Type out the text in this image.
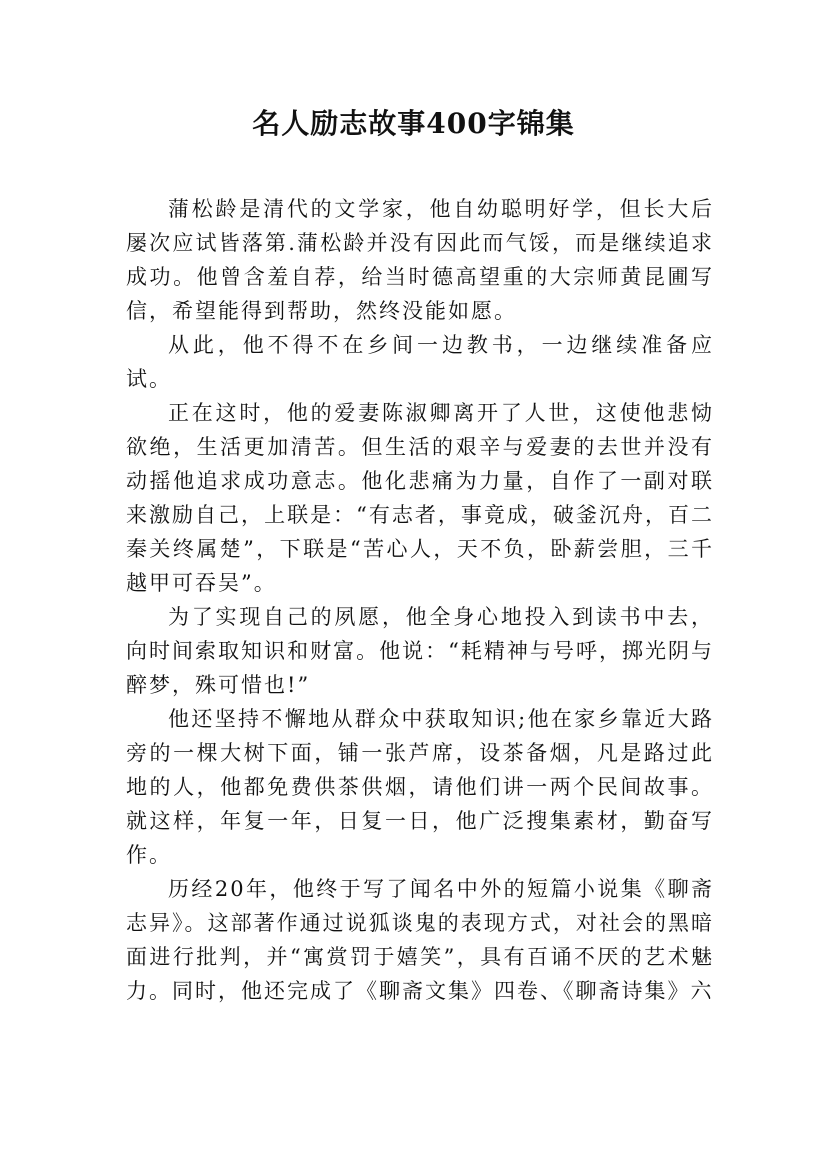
名人励志故事400字锦集

蒲松龄是清代的文学家，他自幼聪明好学，但长大后屡次应试皆落第.蒲松龄并没有因此而气馁，而是继续追求成功。他曾含羞自荐，给当时德高望重的大宗师黄昆圃写信，希望能得到帮助，然终没能如愿。

从此，他不得不在乡间一边教书，一边继续准备应试。

正在这时，他的爱妻陈淑卿离开了人世，这使他悲恸欲绝，生活更加清苦。但生活的艰辛与爱妻的去世并没有动摇他追求成功意志。他化悲痛为力量，自作了一副对联来激励自己，上联是：“有志者，事竟成，破釜沉舟，百二秦关终属楚”，下联是“苦心人，天不负，卧薪尝胆，三千越甲可吞吴”。

为了实现自己的夙愿，他全身心地投入到读书中去，向时间索取知识和财富。他说：“耗精神与号呼，掷光阴与醉梦，殊可惜也!”

他还坚持不懈地从群众中获取知识;他在家乡靠近大路旁的一棵大树下面，铺一张芦席，设茶备烟，凡是路过此地的人，他都免费供茶供烟，请他们讲一两个民间故事。就这样，年复一年，日复一日，他广泛搜集素材，勤奋写作。

历经20年，他终于写了闻名中外的短篇小说集《聊斋志异》。这部著作通过说狐谈鬼的表现方式，对社会的黑暗面进行批判，并“寓赏罚于嬉笑”，具有百诵不厌的艺术魅力。同时，他还完成了《聊斋文集》四卷、《聊斋诗集》六
